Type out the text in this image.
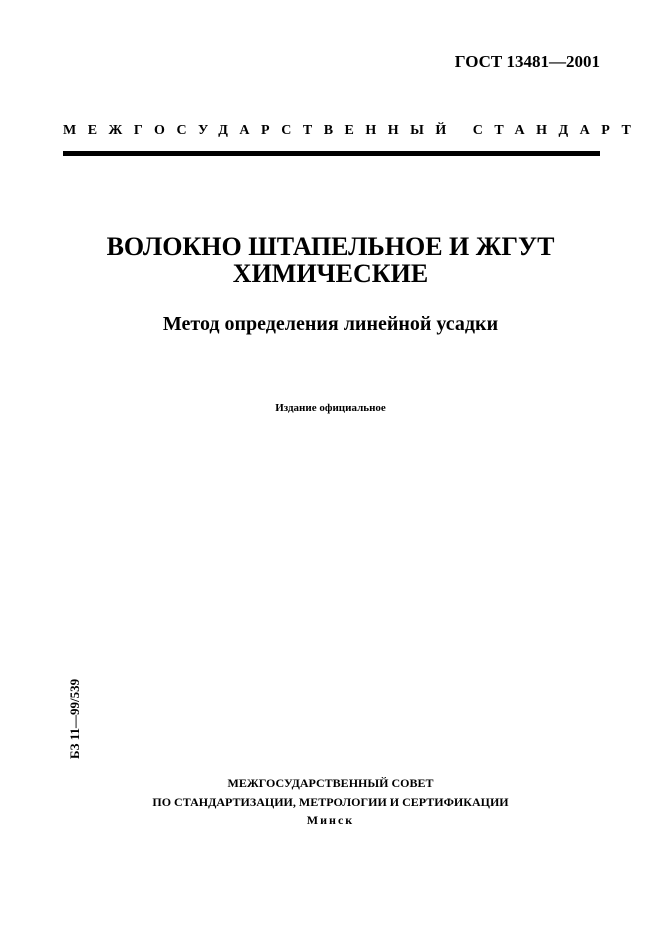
ГОСТ 13481—2001
МЕЖГОСУДАРСТВЕННЫЙ СТАНДАРТ
ВОЛОКНО ШТАПЕЛЬНОЕ И ЖГУТ
ХИМИЧЕСКИЕ
Метод определения линейной усадки
Издание официальное
БЗ 11—99/539
МЕЖГОСУДАРСТВЕННЫЙ СОВЕТ
ПО СТАНДАРТИЗАЦИИ, МЕТРОЛОГИИ И СЕРТИФИКАЦИИ
Минск
